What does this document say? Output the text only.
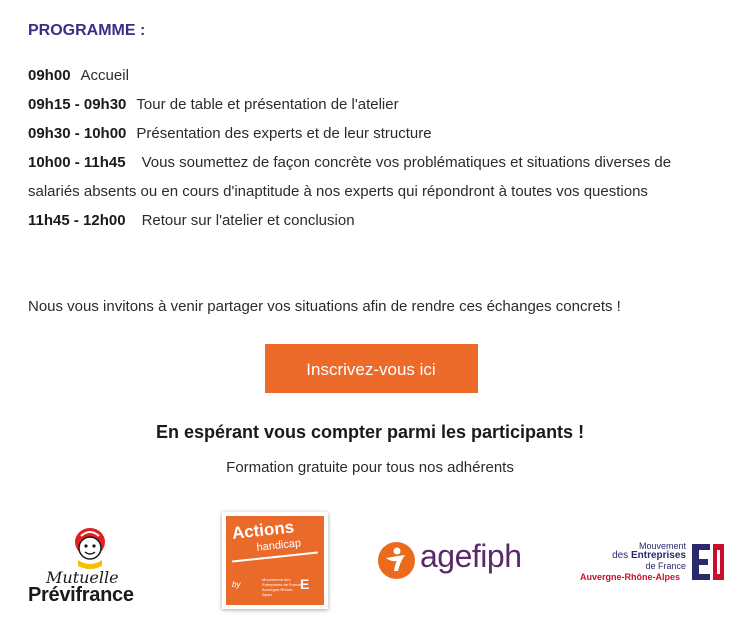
PROGRAMME :
09h00 Accueil
09h15 - 09h30 Tour de table et présentation de l'atelier
09h30 - 10h00 Présentation des experts et de leur structure
10h00 - 11h45 Vous soumettez de façon concrète vos problématiques et situations diverses de salariés absents ou en cours d'inaptitude à nos experts qui répondront à toutes vos questions
11h45 - 12h00 Retour sur l'atelier et conclusion
Nous vous invitons à venir partager vos situations afin de rendre ces échanges concrets !
Inscrivez-vous ici
En espérant vous compter parmi les participants !
Formation gratuite pour tous nos adhérents
Mutuelle
Prévifrance
Actions
handicap
by
Mouvement des Entreprises de France Auvergne-Rhône-Alpes
E
agefiph	Mouvement
des Entreprises
de France
Auvergne-Rhône-Alpes
